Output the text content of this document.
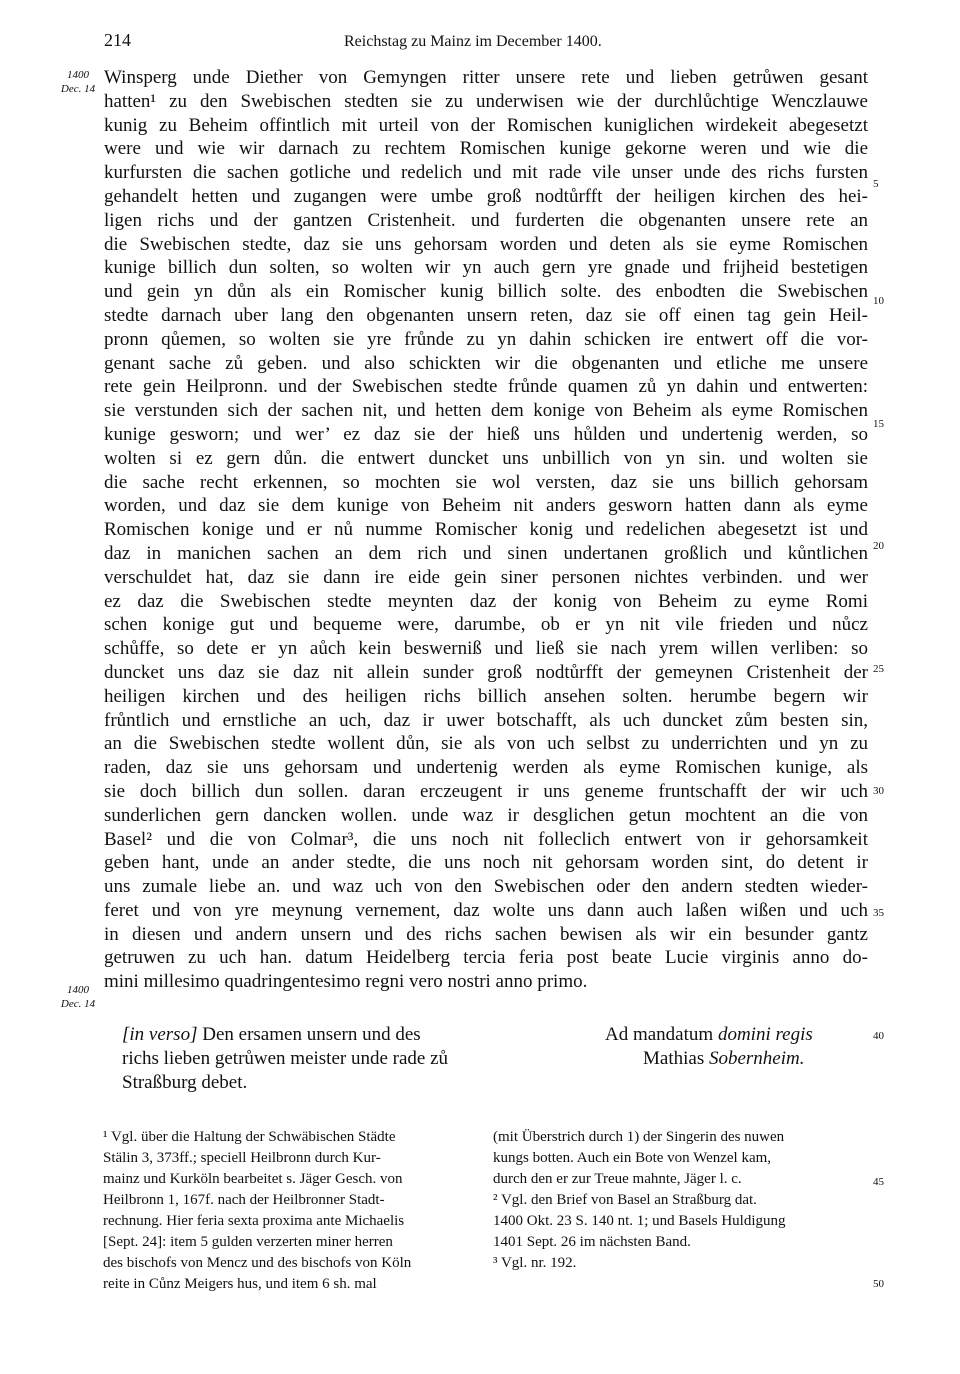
214	Reichstag zu Mainz im December 1400.
1400
Dec. 14
1400
Dec. 14
Winsperg unde Diether von Gemyngen ritter unsere rete und lieben getrůwen gesant
hatten¹ zu den Swebischen stedten sie zu underwisen wie der durchlůchtige Wenczlauwe
kunig zu Beheim offintlich mit urteil von der Romischen kuniglichen wirdekeit abegesetzt
were und wie wir darnach zu rechtem Romischen kunige gekorne weren und wie die
kurfursten die sachen gotliche und redelich und mit rade vile unser unde des richs fursten
gehandelt hetten und zugangen were umbe groß nodtůrfft der heiligen kirchen des hei-
ligen richs und der gantzen Cristenheit. und furderten die obgenanten unsere rete an
die Swebischen stedte, daz sie uns gehorsam worden und deten als sie eyme Romischen
kunige billich dun solten, so wolten wir yn auch gern yre gnade und frijheid bestetigen
und gein yn důn als ein Romischer kunig billich solte. des enbodten die Swebischen
stedte darnach uber lang den obgenanten unsern reten, daz sie off einen tag gein Heil-
pronn qůemen, so wolten sie yre frůnde zu yn dahin schicken ire entwert off die vor-
genant sache zů geben. und also schickten wir die obgenanten und etliche me unsere
rete gein Heilpronn. und der Swebischen stedte frůnde quamen zů yn dahin und entwerten:
sie verstunden sich der sachen nit, und hetten dem konige von Beheim als eyme Romischen
kunige gesworn; und wer’ ez daz sie der hieß uns hůlden und undertenig werden, so
wolten si ez gern důn. die entwert duncket uns unbillich von yn sin. und wolten sie
die sache recht erkennen, so mochten sie wol versten, daz sie uns billich gehorsam
worden, und daz sie dem kunige von Beheim nit anders gesworn hatten dann als eyme
Romischen konige und er nů numme Romischer konig und redelichen abegesetzt ist und
daz in manichen sachen an dem rich und sinen undertanen großlich und kůntlichen
verschuldet hat, daz sie dann ire eide gein siner personen nichtes verbinden. und wer
ez daz die Swebischen stedte meynten daz der konig von Beheim zu eyme Romi
schen konige gut und bequeme were, darumbe, ob er yn nit vile frieden und nůcz
schůffe, so dete er yn aůch kein beswerniß und ließ sie nach yrem willen verliben: so
duncket uns daz sie daz nit allein sunder groß nodtůrfft der gemeynen Cristenheit der
heiligen kirchen und des heiligen richs billich ansehen solten. herumbe begern wir
frůntlich und ernstliche an uch, daz ir uwer botschafft, als uch duncket zům besten sin,
an die Swebischen stedte wollent důn, sie als von uch selbst zu underrichten und yn zu
raden, daz sie uns gehorsam und undertenig werden als eyme Romischen kunige, als
sie doch billich dun sollen. daran erczeugent ir uns geneme fruntschafft der wir uch
sunderlichen gern dancken wollen. unde waz ir desglichen getun mochtent an die von
Basel² und die von Colmar³, die uns noch nit folleclich entwert von ir gehorsamkeit
geben hant, unde an ander stedte, die uns noch nit gehorsam worden sint, do detent ir
uns zumale liebe an. und waz uch von den Swebischen oder den andern stedten wieder-
feret und von yre meynung vernement, daz wolte uns dann auch laßen wißen und uch
in diesen und andern unsern und des richs sachen bewisen als wir ein besunder gantz
getruwen zu uch han. datum Heidelberg tercia feria post beate Lucie virginis anno do-
mini millesimo quadringentesimo regni vero nostri anno primo.
5
10
15
20
25
30
35
40
45
50
[in verso] Den ersamen unsern und des
richs lieben getrůwen meister unde rade zů
Straßburg debet.
Ad mandatum domini regis
Mathias Sobernheim.
¹ Vgl. über die Haltung der Schwäbischen Städte
Stälin 3, 373ff.; speciell Heilbronn durch Kur-
mainz und Kurköln bearbeitet s. Jäger Gesch. von
Heilbronn 1, 167f. nach der Heilbronner Stadt-
rechnung. Hier feria sexta proxima ante Michaelis
[Sept. 24]: item 5 gulden verzerten miner herren
des bischofs von Mencz und des bischofs von Köln
reite in Cůnz Meigers hus, und item 6 sh. mal
(mit Überstrich durch 1) der Singerin des nuwen
kungs botten. Auch ein Bote von Wenzel kam,
durch den er zur Treue mahnte, Jäger l. c.
² Vgl. den Brief von Basel an Straßburg dat.
1400 Okt. 23 S. 140 nt. 1; und Basels Huldigung
1401 Sept. 26 im nächsten Band.
³ Vgl. nr. 192.
